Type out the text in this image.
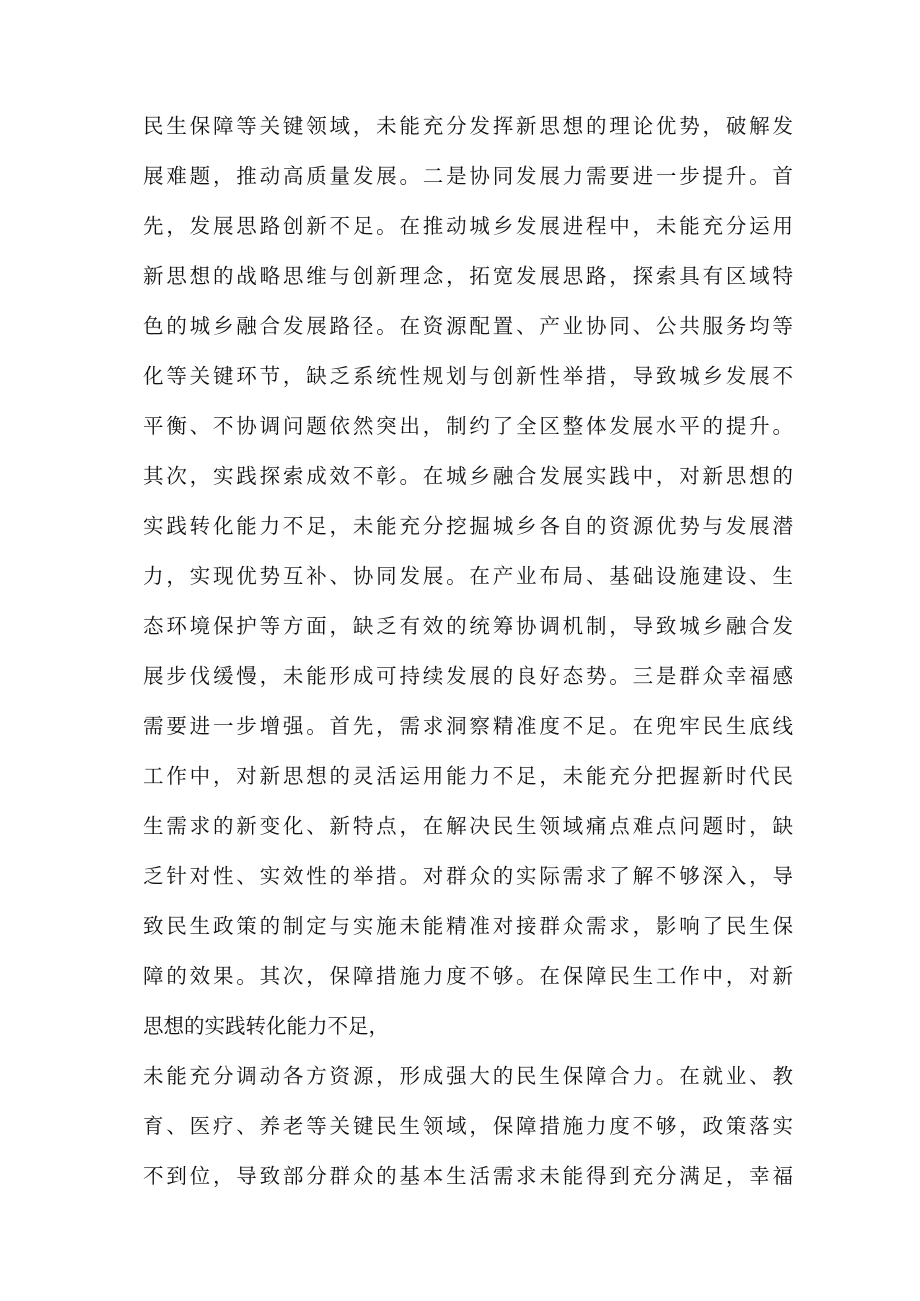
民生保障等关键领域，未能充分发挥新思想的理论优势，破解发
展难题，推动高质量发展。二是协同发展力需要进一步提升。首
先，发展思路创新不足。在推动城乡发展进程中，未能充分运用
新思想的战略思维与创新理念，拓宽发展思路，探索具有区域特
色的城乡融合发展路径。在资源配置、产业协同、公共服务均等
化等关键环节，缺乏系统性规划与创新性举措，导致城乡发展不
平衡、不协调问题依然突出，制约了全区整体发展水平的提升。
其次，实践探索成效不彰。在城乡融合发展实践中，对新思想的
实践转化能力不足，未能充分挖掘城乡各自的资源优势与发展潜
力，实现优势互补、协同发展。在产业布局、基础设施建设、生
态环境保护等方面，缺乏有效的统筹协调机制，导致城乡融合发
展步伐缓慢，未能形成可持续发展的良好态势。三是群众幸福感
需要进一步增强。首先，需求洞察精准度不足。在兜牢民生底线
工作中，对新思想的灵活运用能力不足，未能充分把握新时代民
生需求的新变化、新特点，在解决民生领域痛点难点问题时，缺
乏针对性、实效性的举措。对群众的实际需求了解不够深入，导
致民生政策的制定与实施未能精准对接群众需求，影响了民生保
障的效果。其次，保障措施力度不够。在保障民生工作中，对新
思想的实践转化能力不足，
未能充分调动各方资源，形成强大的民生保障合力。在就业、教
育、医疗、养老等关键民生领域，保障措施力度不够，政策落实
不到位，导致部分群众的基本生活需求未能得到充分满足，幸福
